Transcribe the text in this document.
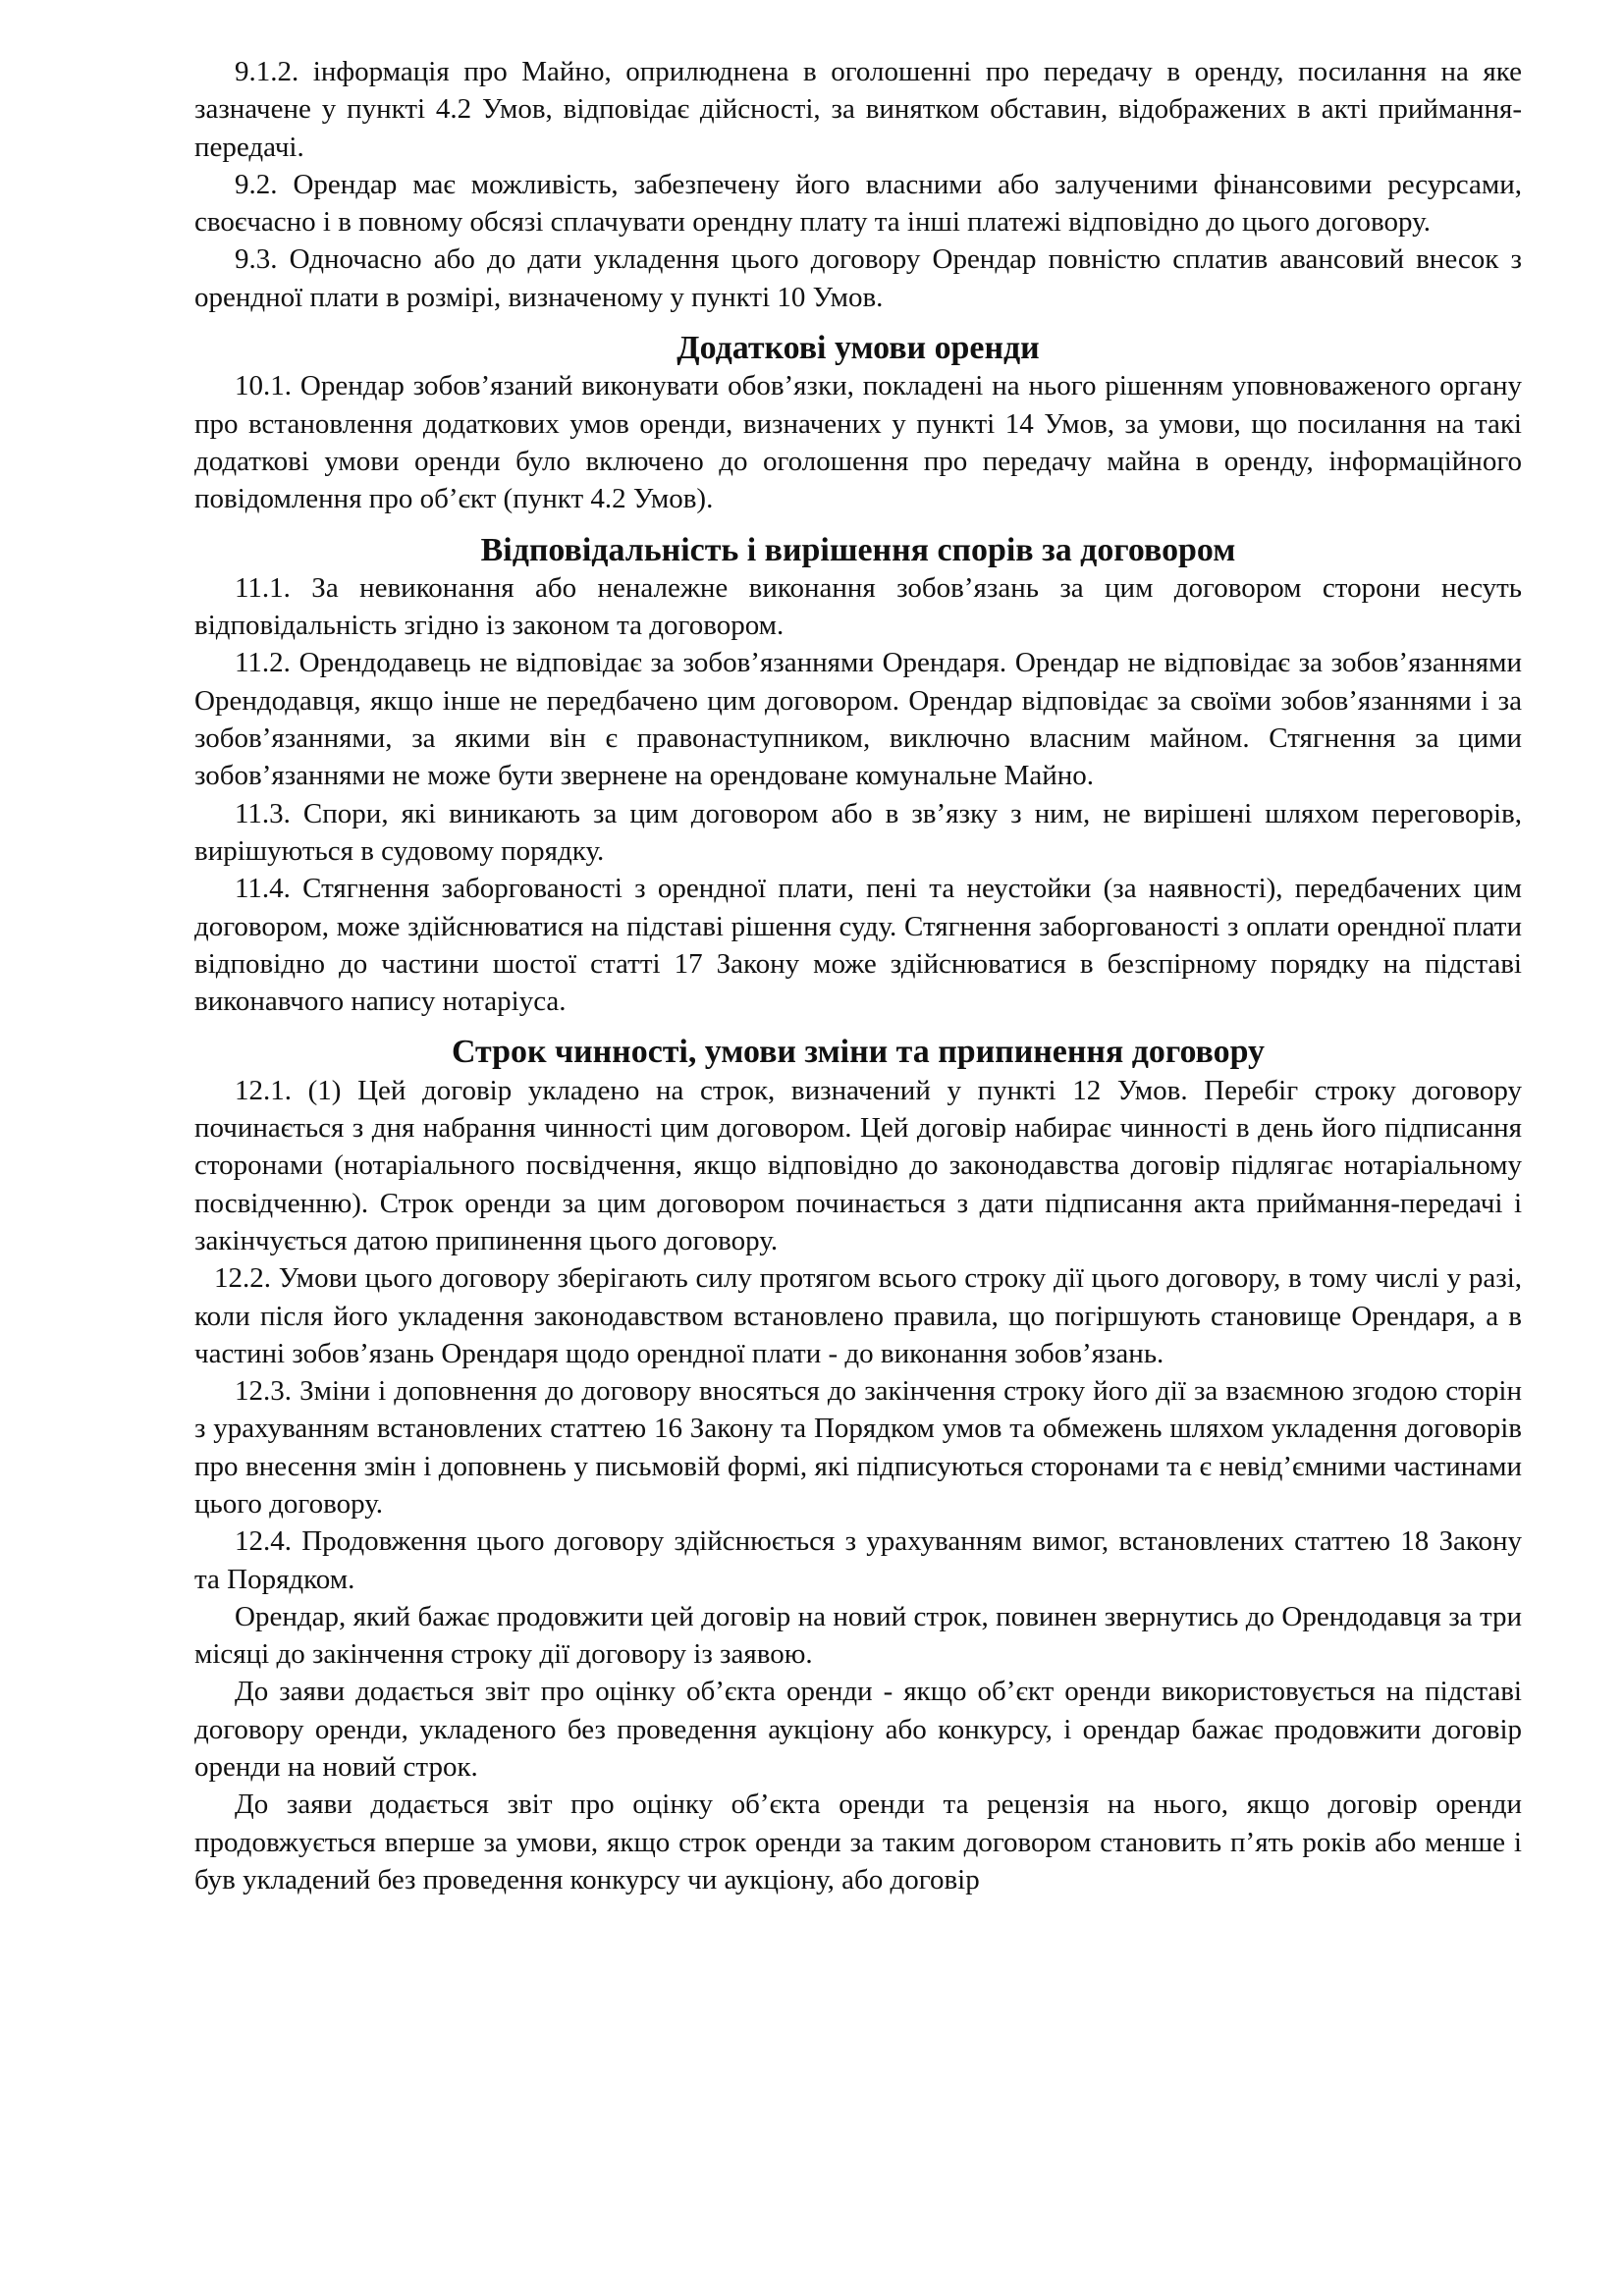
9.1.2. інформація про Майно, оприлюднена в оголошенні про передачу в оренду, посилання на яке зазначене у пункті 4.2 Умов, відповідає дійсності, за винятком обставин, відображених в акті приймання-передачі.

9.2. Орендар має можливість, забезпечену його власними або залученими фінансовими ресурсами, своєчасно і в повному обсязі сплачувати орендну плату та інші платежі відповідно до цього договору.

9.3. Одночасно або до дати укладення цього договору Орендар повністю сплатив авансовий внесок з орендної плати в розмірі, визначеному у пункті 10 Умов.

Додаткові умови оренди

10.1. Орендар зобов’язаний виконувати обов’язки, покладені на нього рішенням уповноваженого органу про встановлення додаткових умов оренди, визначених у пункті 14 Умов, за умови, що посилання на такі додаткові умови оренди було включено до оголошення про передачу майна в оренду, інформаційного повідомлення про об’єкт (пункт 4.2 Умов).

Відповідальність і вирішення спорів за договором

11.1. За невиконання або неналежне виконання зобов’язань за цим договором сторони несуть відповідальність згідно із законом та договором.

11.2. Орендодавець не відповідає за зобов’язаннями Орендаря. Орендар не відповідає за зобов’язаннями Орендодавця, якщо інше не передбачено цим договором. Орендар відповідає за своїми зобов’язаннями і за зобов’язаннями, за якими він є правонаступником, виключно власним майном. Стягнення за цими зобов’язаннями не може бути звернене на орендоване комунальне Майно.

11.3. Спори, які виникають за цим договором або в зв’язку з ним, не вирішені шляхом переговорів, вирішуються в судовому порядку.

11.4. Стягнення заборгованості з орендної плати, пені та неустойки (за наявності), передбачених цим договором, може здійснюватися на підставі рішення суду. Стягнення заборгованості з оплати орендної плати відповідно до частини шостої статті 17 Закону може здійснюватися в безспірному порядку на підставі виконавчого напису нотаріуса.

Строк чинності, умови зміни та припинення договору

12.1. (1) Цей договір укладено на строк, визначений у пункті 12 Умов. Перебіг строку договору починається з дня набрання чинності цим договором. Цей договір набирає чинності в день його підписання сторонами (нотаріального посвідчення, якщо відповідно до законодавства договір підлягає нотаріальному посвідченню). Строк оренди за цим договором починається з дати підписання акта приймання-передачі і закінчується датою припинення цього договору.

12.2. Умови цього договору зберігають силу протягом всього строку дії цього договору, в тому числі у разі, коли після його укладення законодавством встановлено правила, що погіршують становище Орендаря, а в частині зобов’язань Орендаря щодо орендної плати - до виконання зобов’язань.

12.3. Зміни і доповнення до договору вносяться до закінчення строку його дії за взаємною згодою сторін з урахуванням встановлених статтею 16 Закону та Порядком умов та обмежень шляхом укладення договорів про внесення змін і доповнень у письмовій формі, які підписуються сторонами та є невід’ємними частинами цього договору.

12.4. Продовження цього договору здійснюється з урахуванням вимог, встановлених статтею 18 Закону та Порядком.

Орендар, який бажає продовжити цей договір на новий строк, повинен звернутись до Орендодавця за три місяці до закінчення строку дії договору із заявою.

До заяви додається звіт про оцінку об’єкта оренди - якщо об’єкт оренди використовується на підставі договору оренди, укладеного без проведення аукціону або конкурсу, і орендар бажає продовжити договір оренди на новий строк.

До заяви додається звіт про оцінку об’єкта оренди та рецензія на нього, якщо договір оренди продовжується вперше за умови, якщо строк оренди за таким договором становить п’ять років або менше і був укладений без проведення конкурсу чи аукціону, або договір
